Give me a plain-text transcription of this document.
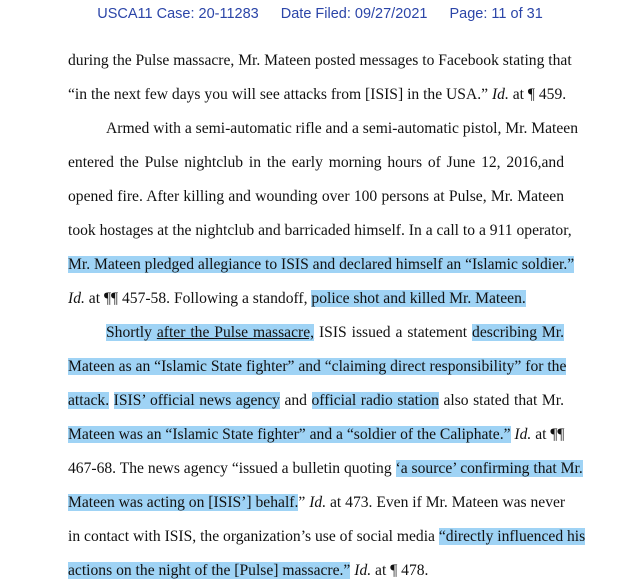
USCA11 Case: 20-11283 Date Filed: 09/27/2021 Page: 11 of 31
during the Pulse massacre, Mr. Mateen posted messages to Facebook stating that
“in the next few days you will see attacks from [ISIS] in the USA.” Id. at ¶ 459.
Armed with a semi-automatic rifle and a semi-automatic pistol, Mr. Mateen
entered the Pulse nightclub in the early morning hours of June 12, 2016,and
opened fire. After killing and wounding over 100 persons at Pulse, Mr. Mateen
took hostages at the nightclub and barricaded himself. In a call to a 911 operator,
Mr. Mateen pledged allegiance to ISIS and declared himself an “Islamic soldier.”
Id. at ¶¶ 457-58. Following a standoff, police shot and killed Mr. Mateen.
Shortly after the Pulse massacre, ISIS issued a statement describing Mr.
Mateen as an “Islamic State fighter” and “claiming direct responsibility” for the
attack. ISIS’ official news agency and official radio station also stated that Mr.
Mateen was an “Islamic State fighter” and a “soldier of the Caliphate.” Id. at ¶¶
467-68. The news agency “issued a bulletin quoting ‘a source’ confirming that Mr.
Mateen was acting on [ISIS’] behalf.” Id. at 473. Even if Mr. Mateen was never
in contact with ISIS, the organization’s use of social media “directly influenced his
actions on the night of the [Pulse] massacre.” Id. at ¶ 478.
